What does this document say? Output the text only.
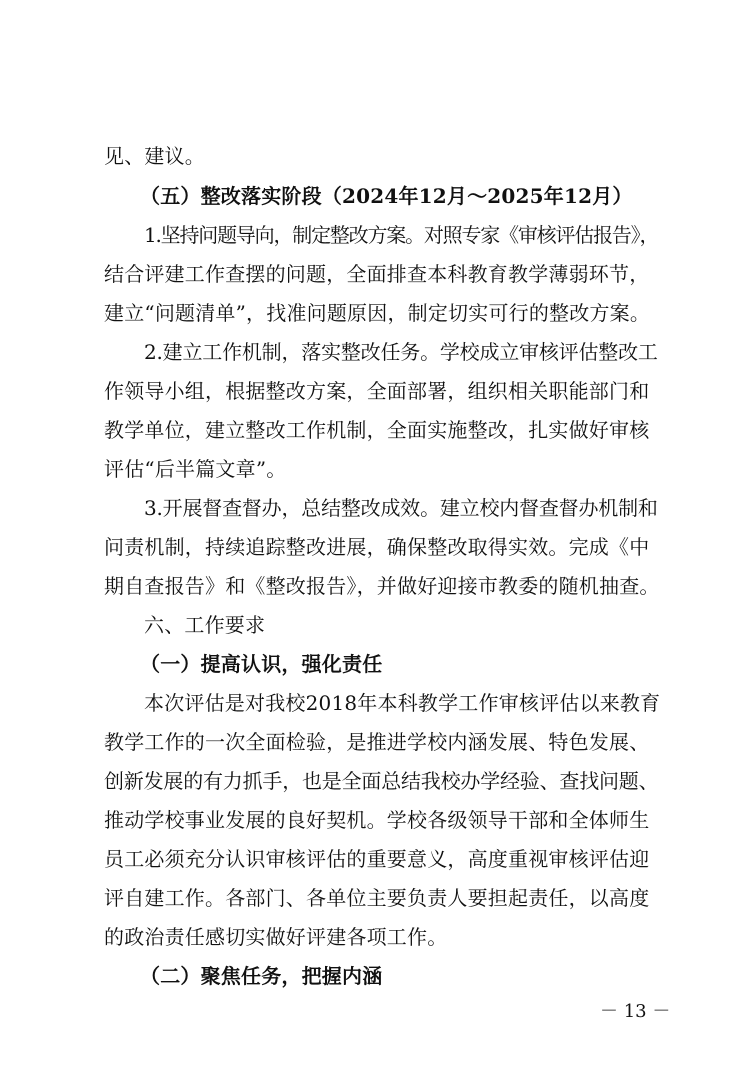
见、建议。
（五）整改落实阶段（2024年12月～2025年12月）
1.坚持问题导向，制定整改方案。对照专家《审核评估报告》，
结合评建工作查摆的问题，全面排查本科教育教学薄弱环节，
建立“问题清单”，找准问题原因，制定切实可行的整改方案。
2.建立工作机制，落实整改任务。学校成立审核评估整改工
作领导小组，根据整改方案，全面部署，组织相关职能部门和
教学单位，建立整改工作机制，全面实施整改，扎实做好审核
评估“后半篇文章”。
3.开展督查督办，总结整改成效。建立校内督查督办机制和
问责机制，持续追踪整改进展，确保整改取得实效。完成《中
期自查报告》和《整改报告》，并做好迎接市教委的随机抽查。
六、工作要求
（一）提高认识，强化责任
本次评估是对我校2018年本科教学工作审核评估以来教育
教学工作的一次全面检验，是推进学校内涵发展、特色发展、
创新发展的有力抓手，也是全面总结我校办学经验、查找问题、
推动学校事业发展的良好契机。学校各级领导干部和全体师生
员工必须充分认识审核评估的重要意义，高度重视审核评估迎
评自建工作。各部门、各单位主要负责人要担起责任，以高度
的政治责任感切实做好评建各项工作。
（二）聚焦任务，把握内涵
－ 13 －
